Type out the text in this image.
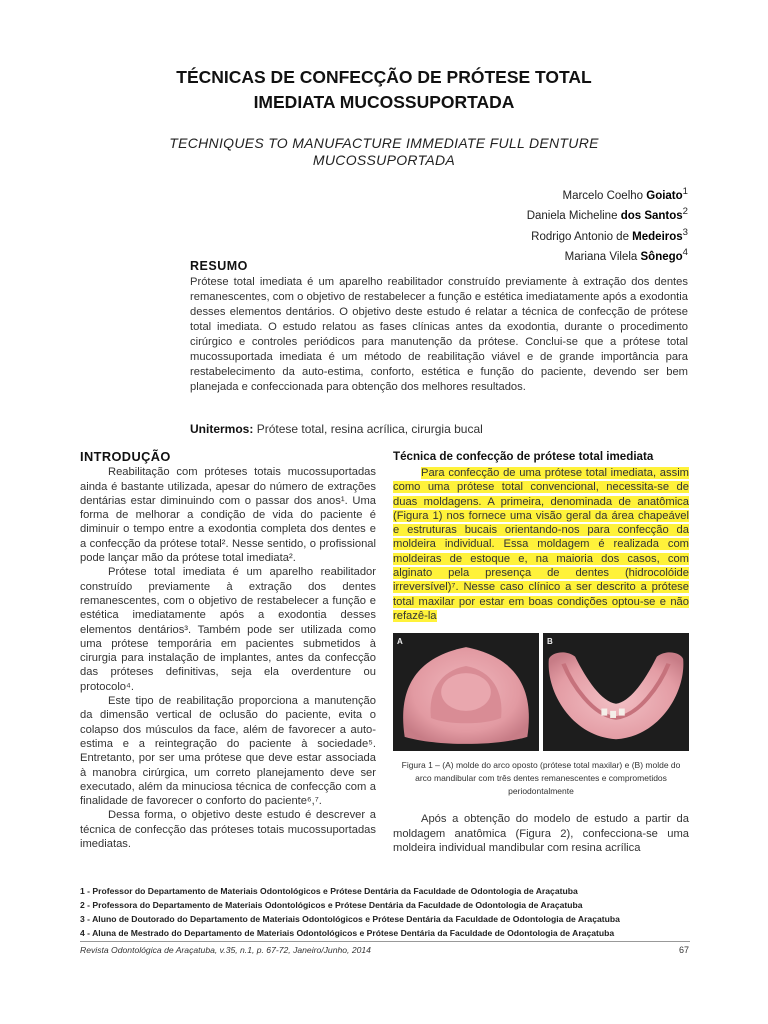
TÉCNICAS DE CONFECÇÃO DE PRÓTESE TOTAL
IMEDIATA MUCOSSUPORTADA
TECHNIQUES TO MANUFACTURE IMMEDIATE FULL DENTURE
MUCOSSUPORTADA
Marcelo Coelho Goiato$^1$
Daniela Micheline dos Santos$^2$
Rodrigo Antonio de Medeiros$^3$
Mariana Vilela Sônego$^4$
RESUMO
Prótese total imediata é um aparelho reabilitador construído previamente à extração dos dentes remanescentes, com o objetivo de restabelecer a função e estética imediatamente após a exodontia desses elementos dentários. O objetivo deste estudo é relatar a técnica de confecção de prótese total imediata. O estudo relatou as fases clínicas antes da exodontia, durante o procedimento cirúrgico e controles periódicos para manutenção da prótese. Conclui-se que a prótese total mucossuportada imediata é um método de reabilitação viável e de grande importância para restabelecimento da auto-estima, conforto, estética e função do paciente, devendo ser bem planejada e confeccionada para obtenção dos melhores resultados.
Unitermos: Prótese total, resina acrílica, cirurgia bucal
INTRODUÇÃO

Reabilitação com próteses totais mucossuportadas ainda é bastante utilizada, apesar do número de extrações dentárias estar diminuindo com o passar dos anos¹. Uma forma de melhorar a condição de vida do paciente é diminuir o tempo entre a exodontia completa dos dentes e a confecção da prótese total². Nesse sentido, o profissional pode lançar mão da prótese total imediata².

Prótese total imediata é um aparelho reabilitador construído previamente à extração dos dentes remanescentes, com o objetivo de restabelecer a função e estética imediatamente após a exodontia desses elementos dentários³. Também pode ser utilizada como uma prótese temporária em pacientes submetidos à cirurgia para instalação de implantes, antes da confecção das próteses definitivas, seja ela overdenture ou protocolo⁴.

Este tipo de reabilitação proporciona a manutenção da dimensão vertical de oclusão do paciente, evita o colapso dos músculos da face, além de favorecer a auto-estima e a reintegração do paciente à sociedade⁵. Entretanto, por ser uma prótese que deve estar associada à manobra cirúrgica, um correto planejamento deve ser executado, além da minuciosa técnica de confecção com a finalidade de favorecer o conforto do paciente⁶,⁷.

Dessa forma, o objetivo deste estudo é descrever a técnica de confecção das próteses totais mucossuportadas imediatas.

Técnica de confecção de prótese total imediata

Para confecção de uma prótese total imediata, assim como uma prótese total convencional, necessita-se de duas moldagens. A primeira, denominada de anatômica (Figura 1) nos fornece uma visão geral da área chapeável e estruturas bucais orientando-nos para confecção da moldeira individual. Essa moldagem é realizada com moldeiras de estoque e, na maioria dos casos, com alginato pela presença de dentes (hidrocolóide irreversível)⁷. Nesse caso clínico a ser descrito a prótese total maxilar por estar em boas condições optou-se e não refazê-la

A	B
Figura 1 – (A) molde do arco oposto (prótese total maxilar) e (B) molde do arco mandibular com três dentes remanescentes e comprometidos periodontalmente

Após a obtenção do modelo de estudo a partir da moldagem anatômica (Figura 2), confecciona-se uma moldeira individual mandibular com resina acrílica

1 - Professor do Departamento de Materiais Odontológicos e Prótese Dentária da Faculdade de Odontologia de Araçatuba
2 - Professora do Departamento de Materiais Odontológicos e Prótese Dentária da Faculdade de Odontologia de Araçatuba
3 - Aluno de Doutorado do Departamento de Materiais Odontológicos e Prótese Dentária da Faculdade de Odontologia de Araçatuba
4 - Aluna de Mestrado do Departamento de Materiais Odontológicos e Prótese Dentária da Faculdade de Odontologia de Araçatuba
Revista Odontológica de Araçatuba, v.35, n.1, p. 67-72, Janeiro/Junho, 2014	67
